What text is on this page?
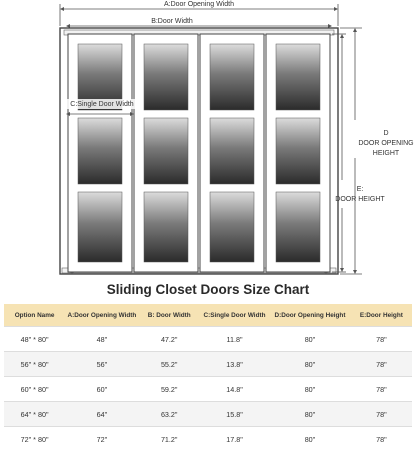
A:Door Opening Width
B:Door Width
C:Single Door Width
D
DOOR OPENING
HEIGHT
E:
DOOR HEIGHT
Sliding Closet Doors Size Chart
Option Name	A:Door Opening Width	B: Door Width	C:Single Door Width	D:Door Opening Height	E:Door Height
48" * 80"	48"	47.2"	11.8"	80"	78"
56" * 80"	56"	55.2"	13.8"	80"	78"
60" * 80"	60"	59.2"	14.8"	80"	78"
64" * 80"	64"	63.2"	15.8"	80"	78"
72" * 80"	72"	71.2"	17.8"	80"	78"
